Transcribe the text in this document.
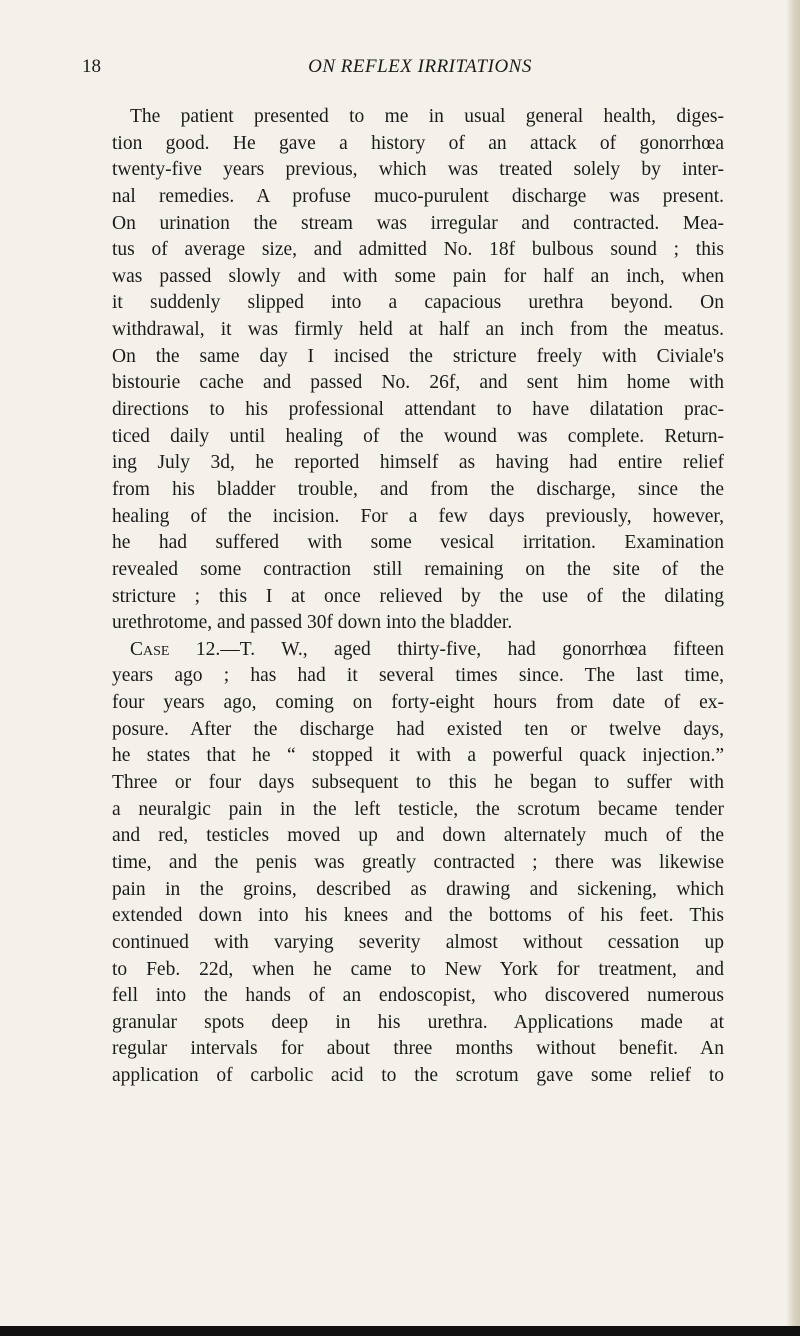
18	ON REFLEX IRRITATIONS
The patient presented to me in usual general health, diges-
tion good. He gave a history of an attack of gonorrhœa
twenty-five years previous, which was treated solely by inter-
nal remedies. A profuse muco-purulent discharge was present.
On urination the stream was irregular and contracted. Mea-
tus of average size, and admitted No. 18f bulbous sound ; this
was passed slowly and with some pain for half an inch, when
it suddenly slipped into a capacious urethra beyond. On
withdrawal, it was firmly held at half an inch from the meatus.
On the same day I incised the stricture freely with Civiale's
bistourie cache and passed No. 26f, and sent him home with
directions to his professional attendant to have dilatation prac-
ticed daily until healing of the wound was complete. Return-
ing July 3d, he reported himself as having had entire relief
from his bladder trouble, and from the discharge, since the
healing of the incision. For a few days previously, however,
he had suffered with some vesical irritation. Examination
revealed some contraction still remaining on the site of the
stricture ; this I at once relieved by the use of the dilating
urethrotome, and passed 30f down into the bladder.
Case 12.—T. W., aged thirty-five, had gonorrhœa fifteen
years ago ; has had it several times since. The last time,
four years ago, coming on forty-eight hours from date of ex-
posure. After the discharge had existed ten or twelve days,
he states that he “ stopped it with a powerful quack injection.”
Three or four days subsequent to this he began to suffer with
a neuralgic pain in the left testicle, the scrotum became tender
and red, testicles moved up and down alternately much of the
time, and the penis was greatly contracted ; there was likewise
pain in the groins, described as drawing and sickening, which
extended down into his knees and the bottoms of his feet. This
continued with varying severity almost without cessation up
to Feb. 22d, when he came to New York for treatment, and
fell into the hands of an endoscopist, who discovered numerous
granular spots deep in his urethra. Applications made at
regular intervals for about three months without benefit. An
application of carbolic acid to the scrotum gave some relief to
